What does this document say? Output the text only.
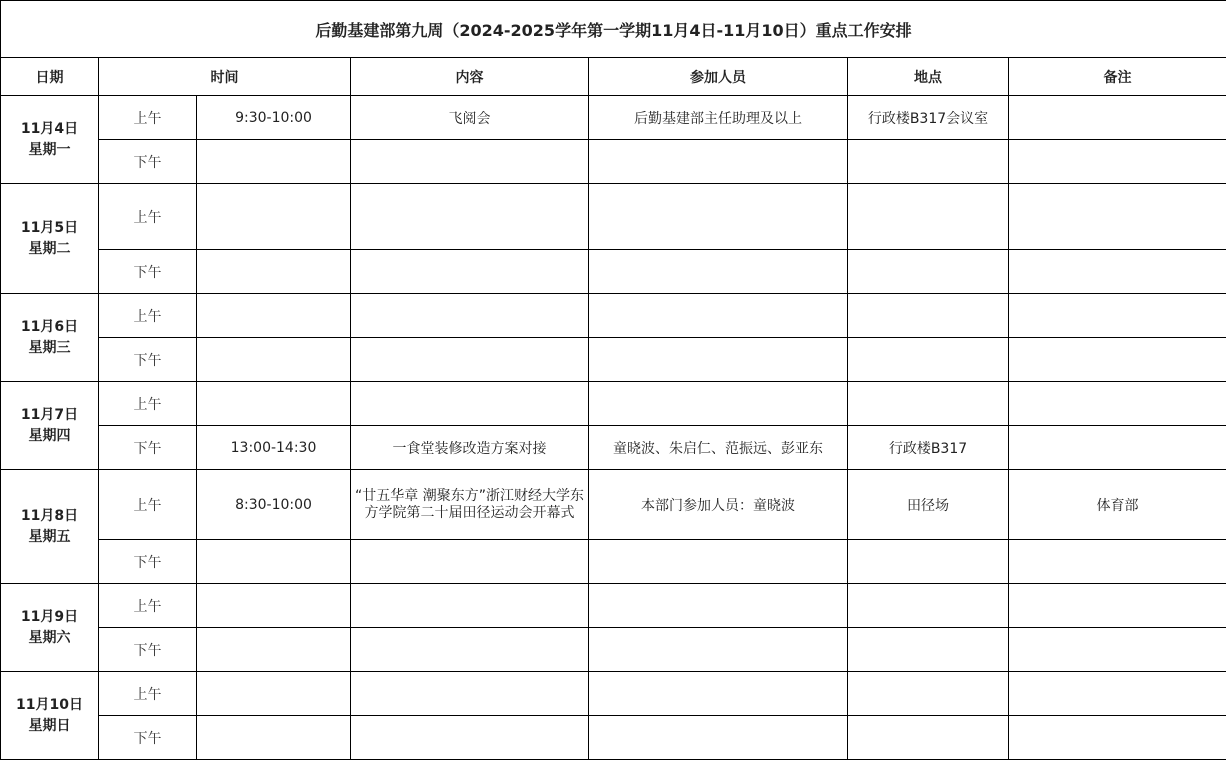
后勤基建部第九周（2024-2025学年第一学期11月4日-11月10日）重点工作安排						
日期	时间		内容	参加人员	地点	备注

11月4日
星期一	上午	9:30-10:00	飞阅会	后勤基建部主任助理及以上	行政楼B317会议室	
	下午					

11月5日
星期二	上午					
	下午					

11月6日
星期三	上午					
	下午					

11月7日
星期四	上午					
	下午	13:00-14:30	一食堂装修改造方案对接	童晓波、朱启仁、范振远、彭亚东	行政楼B317	

11月8日
星期五	上午	8:30-10:00	“廿五华章 潮聚东方”浙江财经大学东方学院第二十届田径运动会开幕式	本部门参加人员：童晓波	田径场	体育部
	下午					

11月9日
星期六	上午					
	下午					

11月10日
星期日	上午					
	下午					
